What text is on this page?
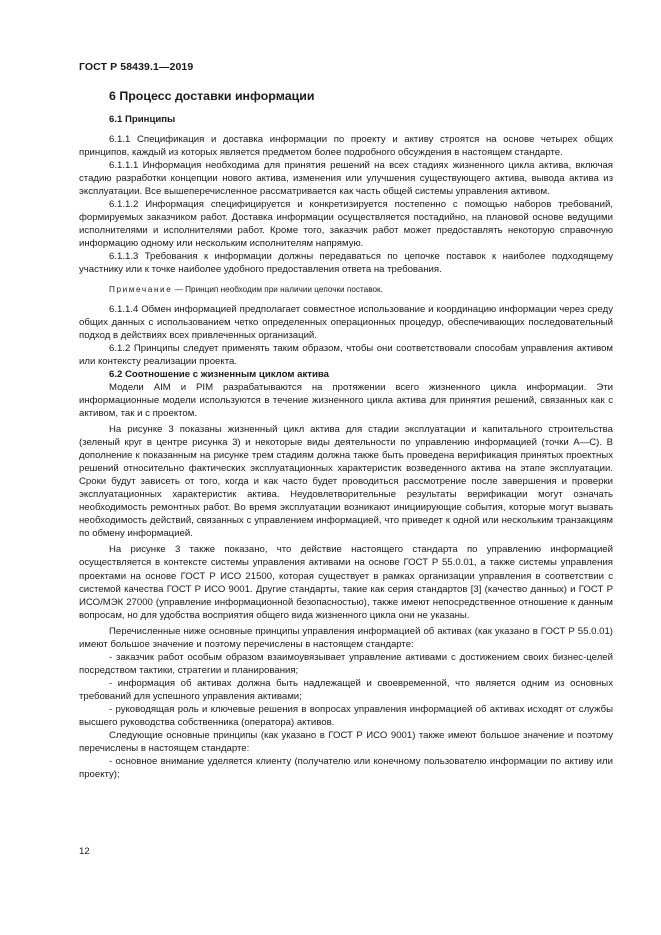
ГОСТ Р 58439.1—2019
6 Процесс доставки информации
6.1 Принципы

6.1.1 Спецификация и доставка информации по проекту и активу строятся на основе четырех общих принципов, каждый из которых является предметом более подробного обсуждения в настоящем стандарте.

6.1.1.1 Информация необходима для принятия решений на всех стадиях жизненного цикла актива, включая стадию разработки концепции нового актива, изменения или улучшения существующего актива, вывода актива из эксплуатации. Все вышеперечисленное рассматривается как часть общей системы управления активом.

6.1.1.2 Информация специфицируется и конкретизируется постепенно с помощью наборов требований, формируемых заказчиком работ. Доставка информации осуществляется постадийно, на плановой основе ведущими исполнителями и исполнителями работ. Кроме того, заказчик работ может предоставлять некоторую справочную информацию одному или нескольким исполнителям напрямую.

6.1.1.3 Требования к информации должны передаваться по цепочке поставок к наиболее подходящему участнику или к точке наиболее удобного предоставления ответа на требования.

Примечание — Принцип необходим при наличии цепочки поставок.

6.1.1.4 Обмен информацией предполагает совместное использование и координацию информации через среду общих данных с использованием четко определенных операционных процедур, обеспечивающих последовательный подход в действиях всех привлеченных организаций.

6.1.2 Принципы следует применять таким образом, чтобы они соответствовали способам управления активом или контексту реализации проекта.

6.2 Соотношение с жизненным циклом актива

Модели AIM и PIM разрабатываются на протяжении всего жизненного цикла информации. Эти информационные модели используются в течение жизненного цикла актива для принятия решений, связанных как с активом, так и с проектом.

На рисунке 3 показаны жизненный цикл актива для стадии эксплуатации и капитального строительства (зеленый круг в центре рисунка 3) и некоторые виды деятельности по управлению информацией (точки A—C). В дополнение к показанным на рисунке трем стадиям должна также быть проведена верификация принятых проектных решений относительно фактических эксплуатационных характеристик возведенного актива на этапе эксплуатации. Сроки будут зависеть от того, когда и как часто будет проводиться рассмотрение после завершения и проверки эксплуатационных характеристик актива. Неудовлетворительные результаты верификации могут означать необходимость ремонтных работ. Во время эксплуатации возникают инициирующие события, которые могут вызвать необходимость действий, связанных с управлением информацией, что приведет к одной или нескольким транзакциям по обмену информацией.

На рисунке 3 также показано, что действие настоящего стандарта по управлению информацией осуществляется в контексте системы управления активами на основе ГОСТ Р 55.0.01, а также системы управления проектами на основе ГОСТ Р ИСО 21500, которая существует в рамках организации управления в соответствии с системой качества ГОСТ Р ИСО 9001. Другие стандарты, такие как серия стандартов [3] (качество данных) и ГОСТ Р ИСО/МЭК 27000 (управление информационной безопасностью), также имеют непосредственное отношение к данным вопросам, но для удобства восприятия общего вида жизненного цикла они не указаны.

Перечисленные ниже основные принципы управления информацией об активах (как указано в ГОСТ Р 55.0.01) имеют большое значение и поэтому перечислены в настоящем стандарте:

- заказчик работ особым образом взаимоувязывает управление активами с достижением своих бизнес-целей посредством тактики, стратегии и планирования;

- информация об активах должна быть надлежащей и своевременной, что является одним из основных требований для успешного управления активами;

- руководящая роль и ключевые решения в вопросах управления информацией об активах исходят от службы высшего руководства собственника (оператора) активов.

Следующие основные принципы (как указано в ГОСТ Р ИСО 9001) также имеют большое значение и поэтому перечислены в настоящем стандарте:

- основное внимание уделяется клиенту (получателю или конечному пользователю информации по активу или проекту);

12
